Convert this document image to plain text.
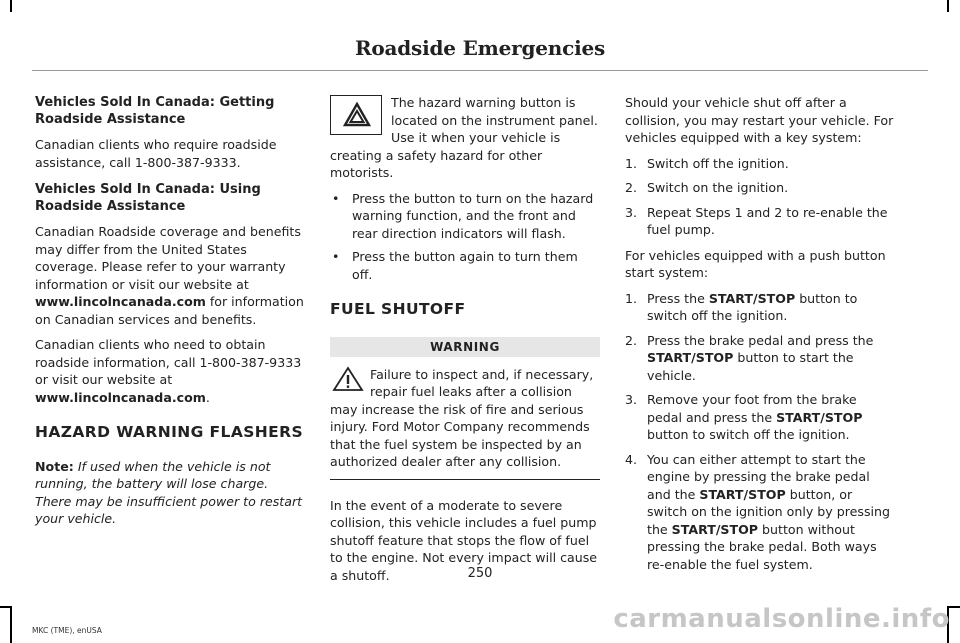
Roadside Emergencies
Vehicles Sold In Canada: Getting Roadside Assistance

Canadian clients who require roadside assistance, call 1-800-387-9333.

Vehicles Sold In Canada: Using Roadside Assistance

Canadian Roadside coverage and benefits may differ from the United States coverage. Please refer to your warranty information or visit our website at www.lincolncanada.com for information on Canadian services and benefits.

Canadian clients who need to obtain roadside information, call 1-800-387-9333 or visit our website at www.lincolncanada.com.

HAZARD WARNING FLASHERS

Note: If used when the vehicle is not running, the battery will lose charge. There may be insufficient power to restart your vehicle.

The hazard warning button is located on the instrument panel. Use it when your vehicle is creating a safety hazard for other motorists.
• Press the button to turn on the hazard warning function, and the front and rear direction indicators will flash.
• Press the button again to turn them off.
FUEL SHUTOFF
WARNING
Failure to inspect and, if necessary, repair fuel leaks after a collision may increase the risk of fire and serious injury. Ford Motor Company recommends that the fuel system be inspected by an authorized dealer after any collision.

In the event of a moderate to severe collision, this vehicle includes a fuel pump shutoff feature that stops the flow of fuel to the engine. Not every impact will cause a shutoff.

Should your vehicle shut off after a collision, you may restart your vehicle. For vehicles equipped with a key system:

1. Switch off the ignition.
2. Switch on the ignition.
3. Repeat Steps 1 and 2 to re-enable the fuel pump.

For vehicles equipped with a push button start system:

1. Press the START/STOP button to switch off the ignition.
2. Press the brake pedal and press the START/STOP button to start the vehicle.
3. Remove your foot from the brake pedal and press the START/STOP button to switch off the ignition.
4. You can either attempt to start the engine by pressing the brake pedal and the START/STOP button, or switch on the ignition only by pressing the START/STOP button without pressing the brake pedal. Both ways re-enable the fuel system.
250
MKC (TME), enUSA	carmanualsonline.info
